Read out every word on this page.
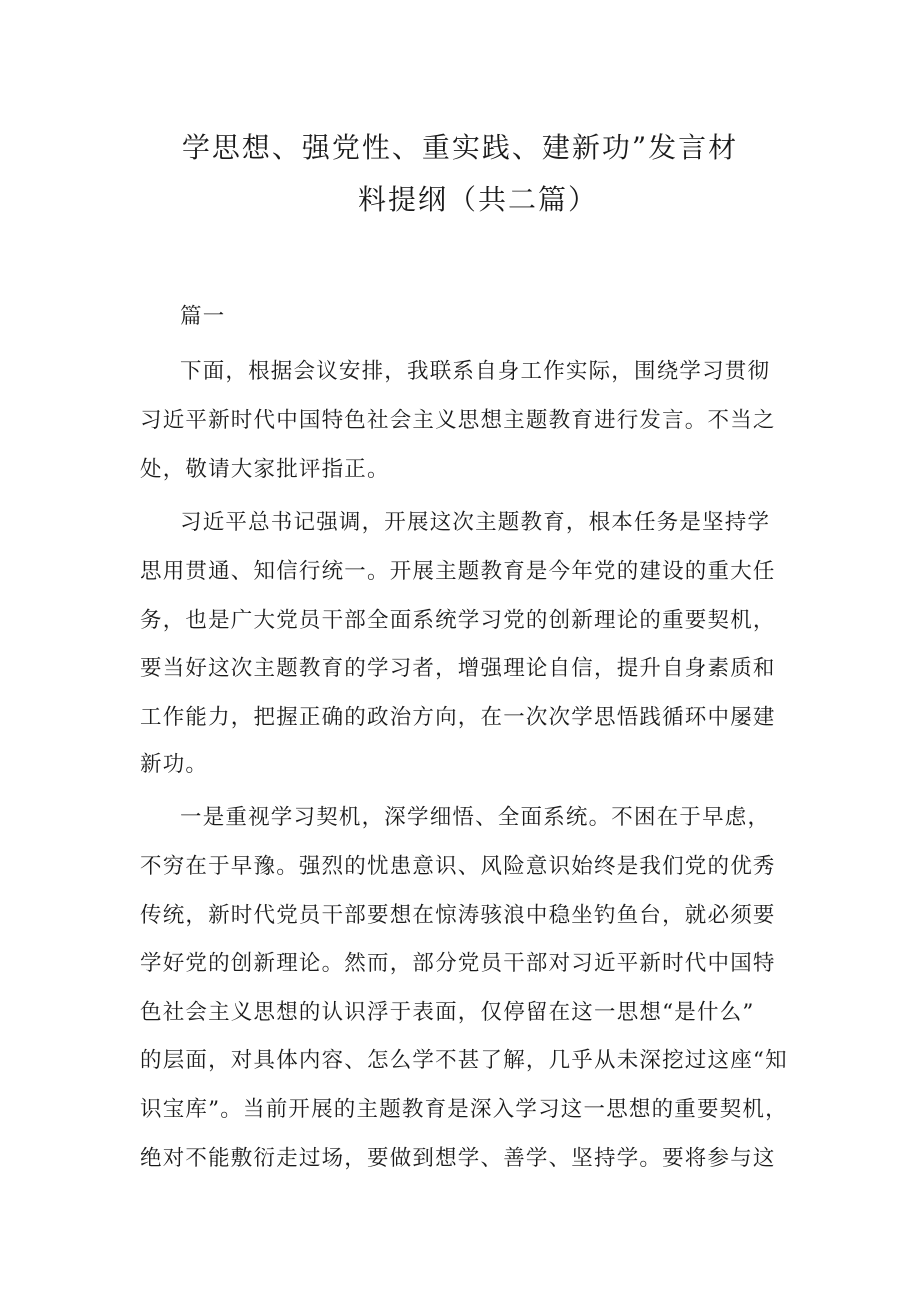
学思想、强党性、重实践、建新功”发言材
料提纲（共二篇）
篇一
下面，根据会议安排，我联系自身工作实际，围绕学习贯彻
习近平新时代中国特色社会主义思想主题教育进行发言。不当之
处，敬请大家批评指正。
习近平总书记强调，开展这次主题教育，根本任务是坚持学
思用贯通、知信行统一。开展主题教育是今年党的建设的重大任
务，也是广大党员干部全面系统学习党的创新理论的重要契机，
要当好这次主题教育的学习者，增强理论自信，提升自身素质和
工作能力，把握正确的政治方向，在一次次学思悟践循环中屡建
新功。
一是重视学习契机，深学细悟、全面系统。不困在于早虑，
不穷在于早豫。强烈的忧患意识、风险意识始终是我们党的优秀
传统，新时代党员干部要想在惊涛骇浪中稳坐钓鱼台，就必须要
学好党的创新理论。然而，部分党员干部对习近平新时代中国特
色社会主义思想的认识浮于表面，仅停留在这一思想“是什么”
的层面，对具体内容、怎么学不甚了解，几乎从未深挖过这座“知
识宝库”。当前开展的主题教育是深入学习这一思想的重要契机，
绝对不能敷衍走过场，要做到想学、善学、坚持学。要将参与这
